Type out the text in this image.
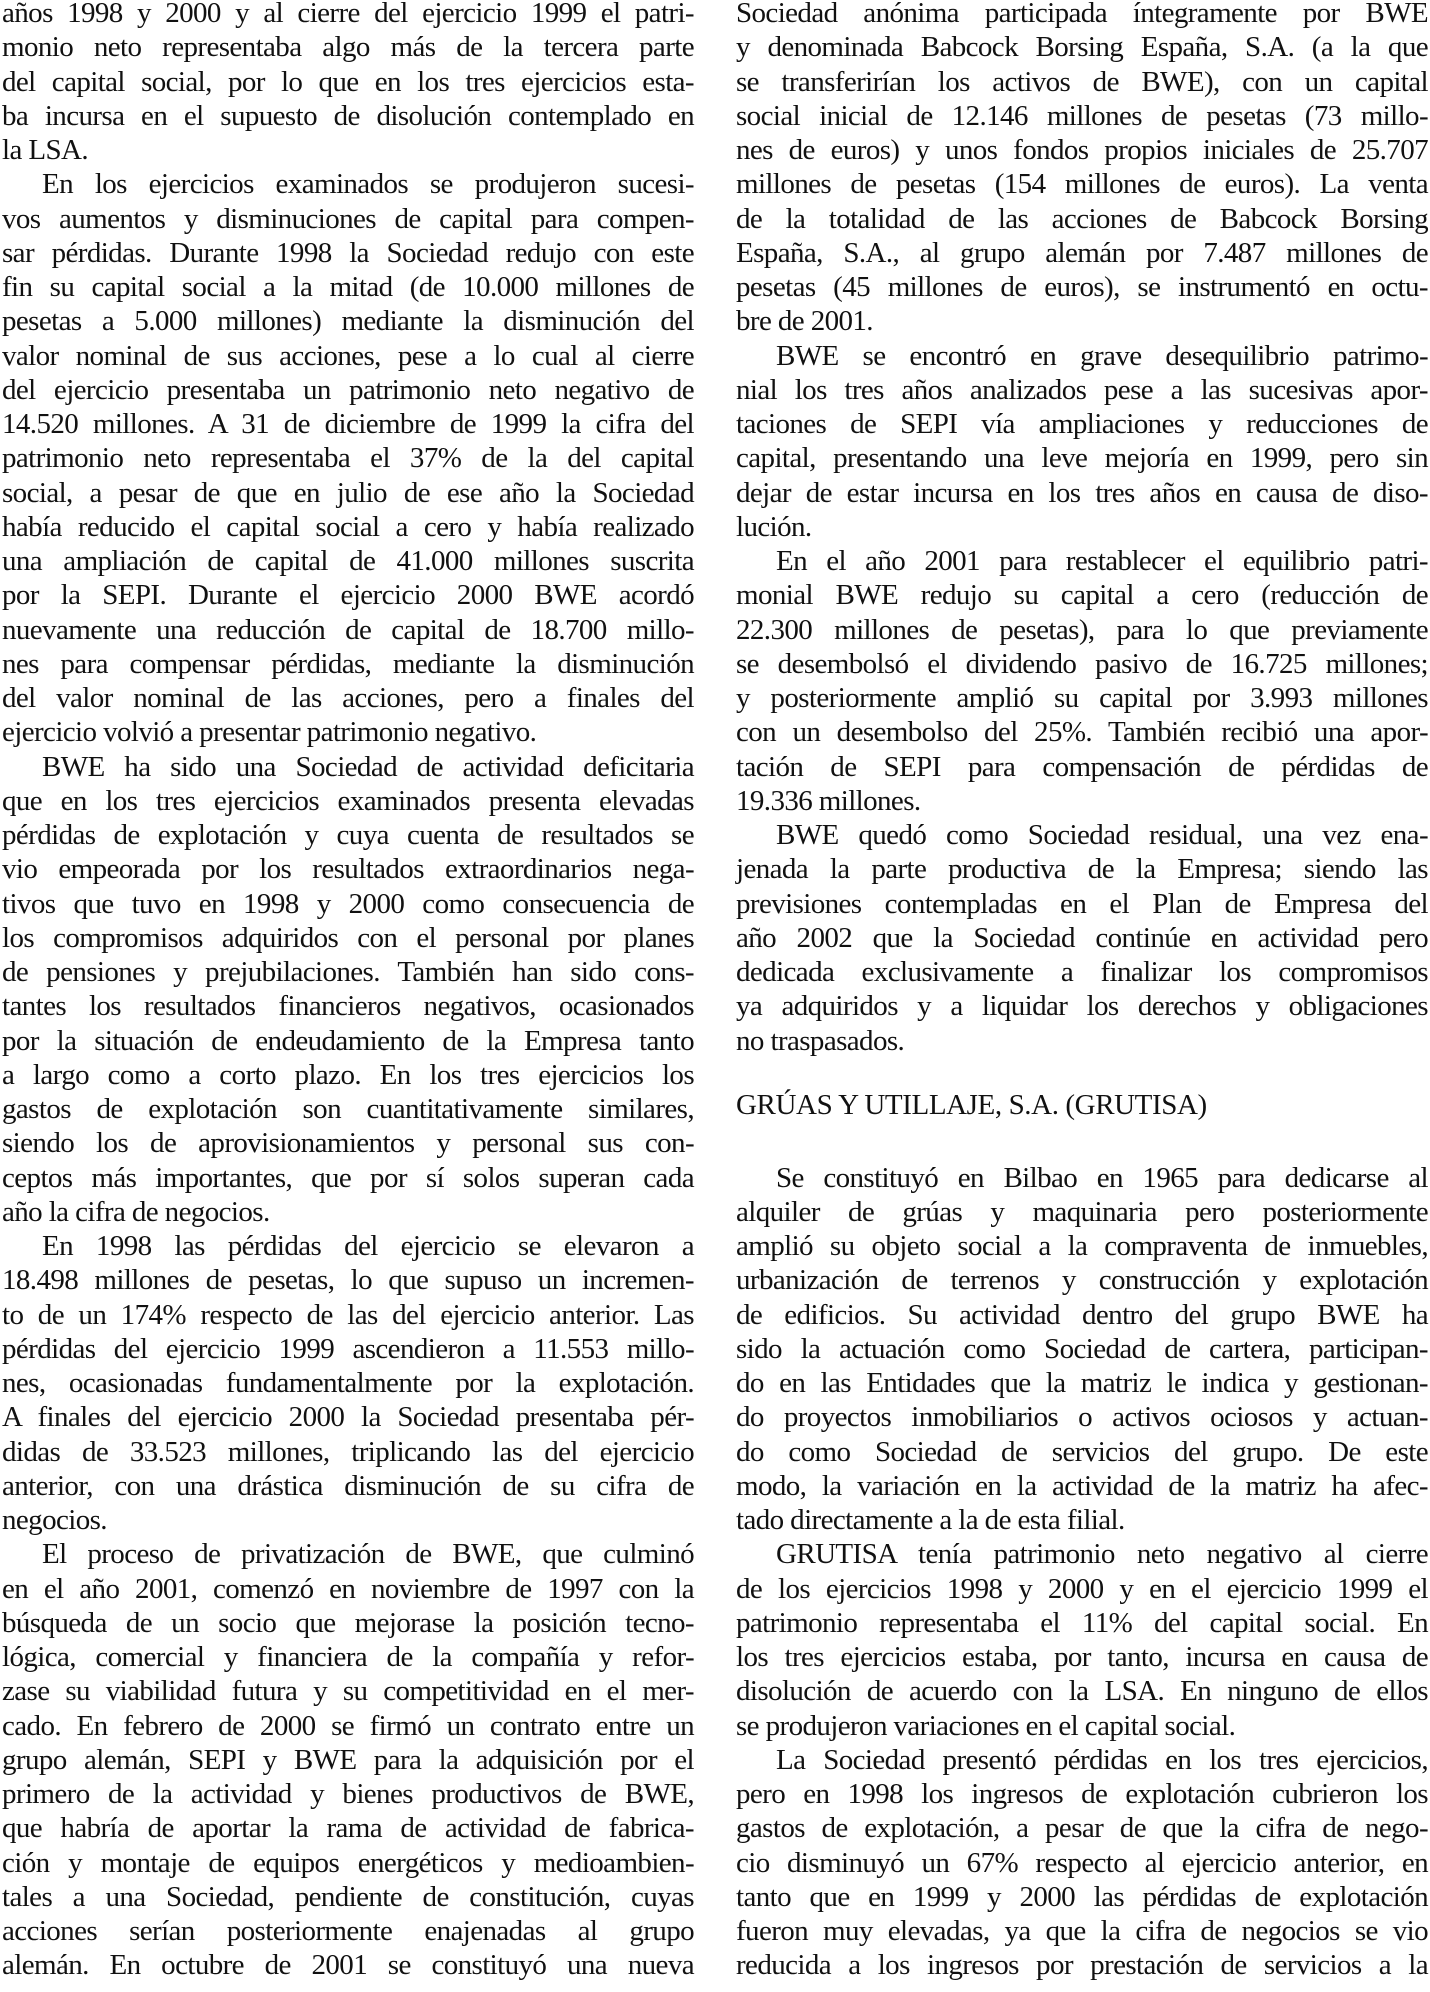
años 1998 y 2000 y al cierre del ejercicio 1999 el patri-
monio neto representaba algo más de la tercera parte
del capital social, por lo que en los tres ejercicios esta-
ba incursa en el supuesto de disolución contemplado en
la LSA.
En los ejercicios examinados se produjeron sucesi-
vos aumentos y disminuciones de capital para compen-
sar pérdidas. Durante 1998 la Sociedad redujo con este
fin su capital social a la mitad (de 10.000 millones de
pesetas a 5.000 millones) mediante la disminución del
valor nominal de sus acciones, pese a lo cual al cierre
del ejercicio presentaba un patrimonio neto negativo de
14.520 millones. A 31 de diciembre de 1999 la cifra del
patrimonio neto representaba el 37% de la del capital
social, a pesar de que en julio de ese año la Sociedad
había reducido el capital social a cero y había realizado
una ampliación de capital de 41.000 millones suscrita
por la SEPI. Durante el ejercicio 2000 BWE acordó
nuevamente una reducción de capital de 18.700 millo-
nes para compensar pérdidas, mediante la disminución
del valor nominal de las acciones, pero a finales del
ejercicio volvió a presentar patrimonio negativo.
BWE ha sido una Sociedad de actividad deficitaria
que en los tres ejercicios examinados presenta elevadas
pérdidas de explotación y cuya cuenta de resultados se
vio empeorada por los resultados extraordinarios nega-
tivos que tuvo en 1998 y 2000 como consecuencia de
los compromisos adquiridos con el personal por planes
de pensiones y prejubilaciones. También han sido cons-
tantes los resultados financieros negativos, ocasionados
por la situación de endeudamiento de la Empresa tanto
a largo como a corto plazo. En los tres ejercicios los
gastos de explotación son cuantitativamente similares,
siendo los de aprovisionamientos y personal sus con-
ceptos más importantes, que por sí solos superan cada
año la cifra de negocios.
En 1998 las pérdidas del ejercicio se elevaron a
18.498 millones de pesetas, lo que supuso un incremen-
to de un 174% respecto de las del ejercicio anterior. Las
pérdidas del ejercicio 1999 ascendieron a 11.553 millo-
nes, ocasionadas fundamentalmente por la explotación.
A finales del ejercicio 2000 la Sociedad presentaba pér-
didas de 33.523 millones, triplicando las del ejercicio
anterior, con una drástica disminución de su cifra de
negocios.
El proceso de privatización de BWE, que culminó
en el año 2001, comenzó en noviembre de 1997 con la
búsqueda de un socio que mejorase la posición tecno-
lógica, comercial y financiera de la compañía y refor-
zase su viabilidad futura y su competitividad en el mer-
cado. En febrero de 2000 se firmó un contrato entre un
grupo alemán, SEPI y BWE para la adquisición por el
primero de la actividad y bienes productivos de BWE,
que habría de aportar la rama de actividad de fabrica-
ción y montaje de equipos energéticos y medioambien-
tales a una Sociedad, pendiente de constitución, cuyas
acciones serían posteriormente enajenadas al grupo
alemán. En octubre de 2001 se constituyó una nueva
Sociedad anónima participada íntegramente por BWE
y denominada Babcock Borsing España, S.A. (a la que
se transferirían los activos de BWE), con un capital
social inicial de 12.146 millones de pesetas (73 millo-
nes de euros) y unos fondos propios iniciales de 25.707
millones de pesetas (154 millones de euros). La venta
de la totalidad de las acciones de Babcock Borsing
España, S.A., al grupo alemán por 7.487 millones de
pesetas (45 millones de euros), se instrumentó en octu-
bre de 2001.
BWE se encontró en grave desequilibrio patrimo-
nial los tres años analizados pese a las sucesivas apor-
taciones de SEPI vía ampliaciones y reducciones de
capital, presentando una leve mejoría en 1999, pero sin
dejar de estar incursa en los tres años en causa de diso-
lución.
En el año 2001 para restablecer el equilibrio patri-
monial BWE redujo su capital a cero (reducción de
22.300 millones de pesetas), para lo que previamente
se desembolsó el dividendo pasivo de 16.725 millones;
y posteriormente amplió su capital por 3.993 millones
con un desembolso del 25%. También recibió una apor-
tación de SEPI para compensación de pérdidas de
19.336 millones.
BWE quedó como Sociedad residual, una vez ena-
jenada la parte productiva de la Empresa; siendo las
previsiones contempladas en el Plan de Empresa del
año 2002 que la Sociedad continúe en actividad pero
dedicada exclusivamente a finalizar los compromisos
ya adquiridos y a liquidar los derechos y obligaciones
no traspasados.
GRÚAS Y UTILLAJE, S.A. (GRUTISA)
Se constituyó en Bilbao en 1965 para dedicarse al
alquiler de grúas y maquinaria pero posteriormente
amplió su objeto social a la compraventa de inmuebles,
urbanización de terrenos y construcción y explotación
de edificios. Su actividad dentro del grupo BWE ha
sido la actuación como Sociedad de cartera, participan-
do en las Entidades que la matriz le indica y gestionan-
do proyectos inmobiliarios o activos ociosos y actuan-
do como Sociedad de servicios del grupo. De este
modo, la variación en la actividad de la matriz ha afec-
tado directamente a la de esta filial.
GRUTISA tenía patrimonio neto negativo al cierre
de los ejercicios 1998 y 2000 y en el ejercicio 1999 el
patrimonio representaba el 11% del capital social. En
los tres ejercicios estaba, por tanto, incursa en causa de
disolución de acuerdo con la LSA. En ninguno de ellos
se produjeron variaciones en el capital social.
La Sociedad presentó pérdidas en los tres ejercicios,
pero en 1998 los ingresos de explotación cubrieron los
gastos de explotación, a pesar de que la cifra de nego-
cio disminuyó un 67% respecto al ejercicio anterior, en
tanto que en 1999 y 2000 las pérdidas de explotación
fueron muy elevadas, ya que la cifra de negocios se vio
reducida a los ingresos por prestación de servicios a la
